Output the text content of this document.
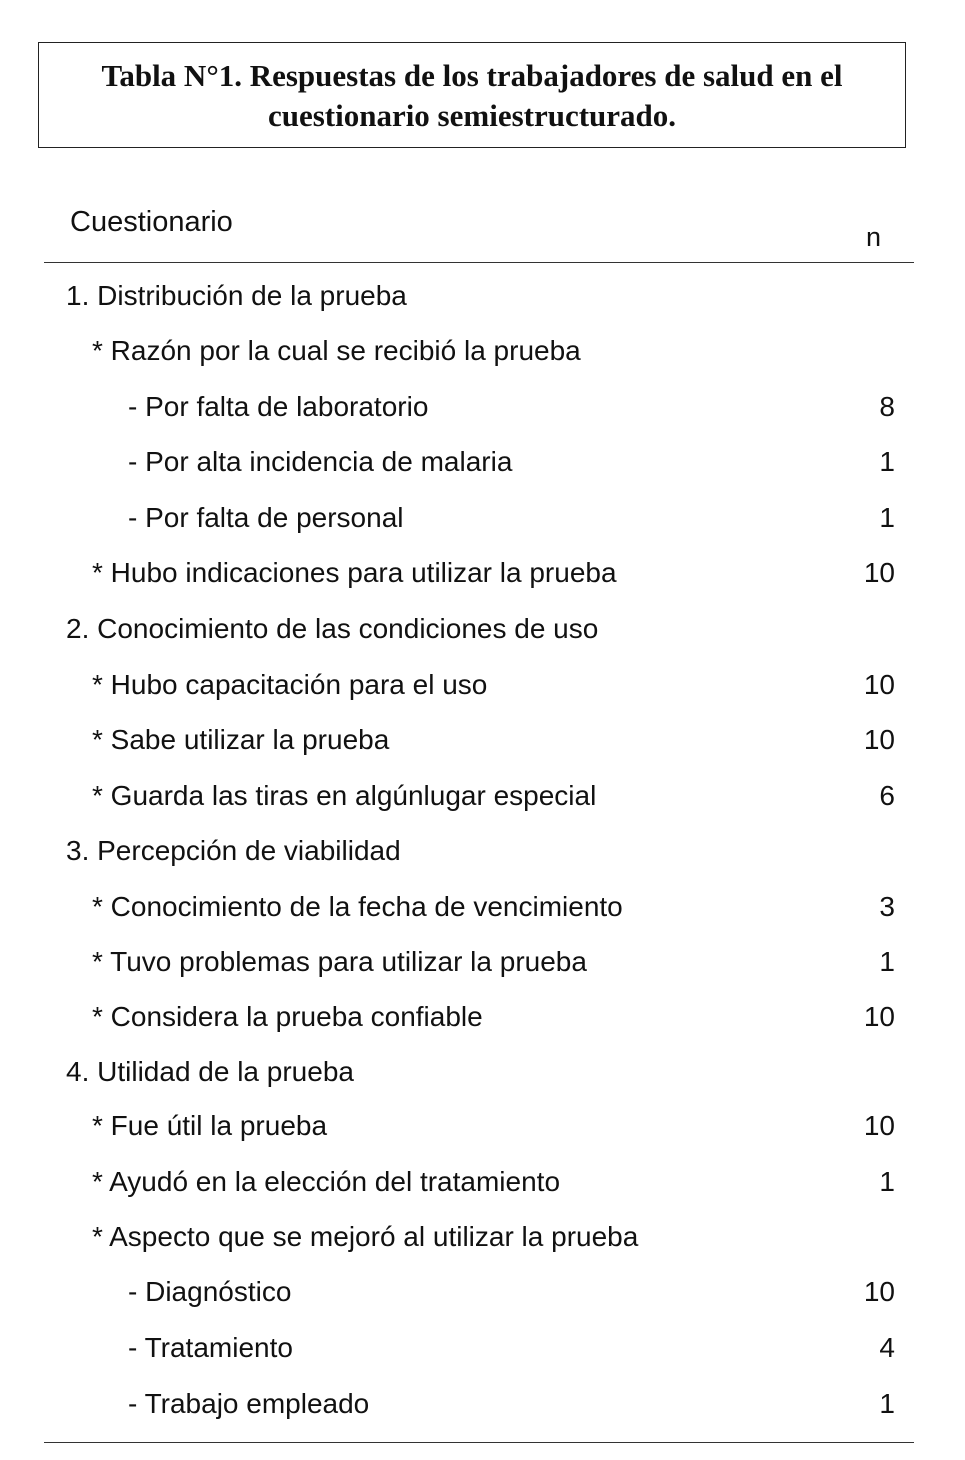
Tabla N°1. Respuestas de los trabajadores de salud en el
cuestionario semiestructurado.
Cuestionario	n
1. Distribución de la prueba
* Razón por la cual se recibió la prueba
- Por falta de laboratorio	8
- Por alta incidencia de malaria	1
- Por falta de personal	1
* Hubo indicaciones para utilizar la prueba	10
2. Conocimiento de las condiciones de uso
* Hubo capacitación para el uso	10
* Sabe utilizar la prueba	10
* Guarda las tiras en algúnlugar especial	6
3. Percepción de viabilidad
* Conocimiento de la fecha de vencimiento	3
* Tuvo problemas para utilizar la prueba	1
* Considera la prueba confiable	10
4. Utilidad de la prueba
* Fue útil la prueba	10
* Ayudó en la elección del tratamiento	1
* Aspecto que se mejoró al utilizar la prueba
- Diagnóstico	10
- Tratamiento	4
- Trabajo empleado	1
